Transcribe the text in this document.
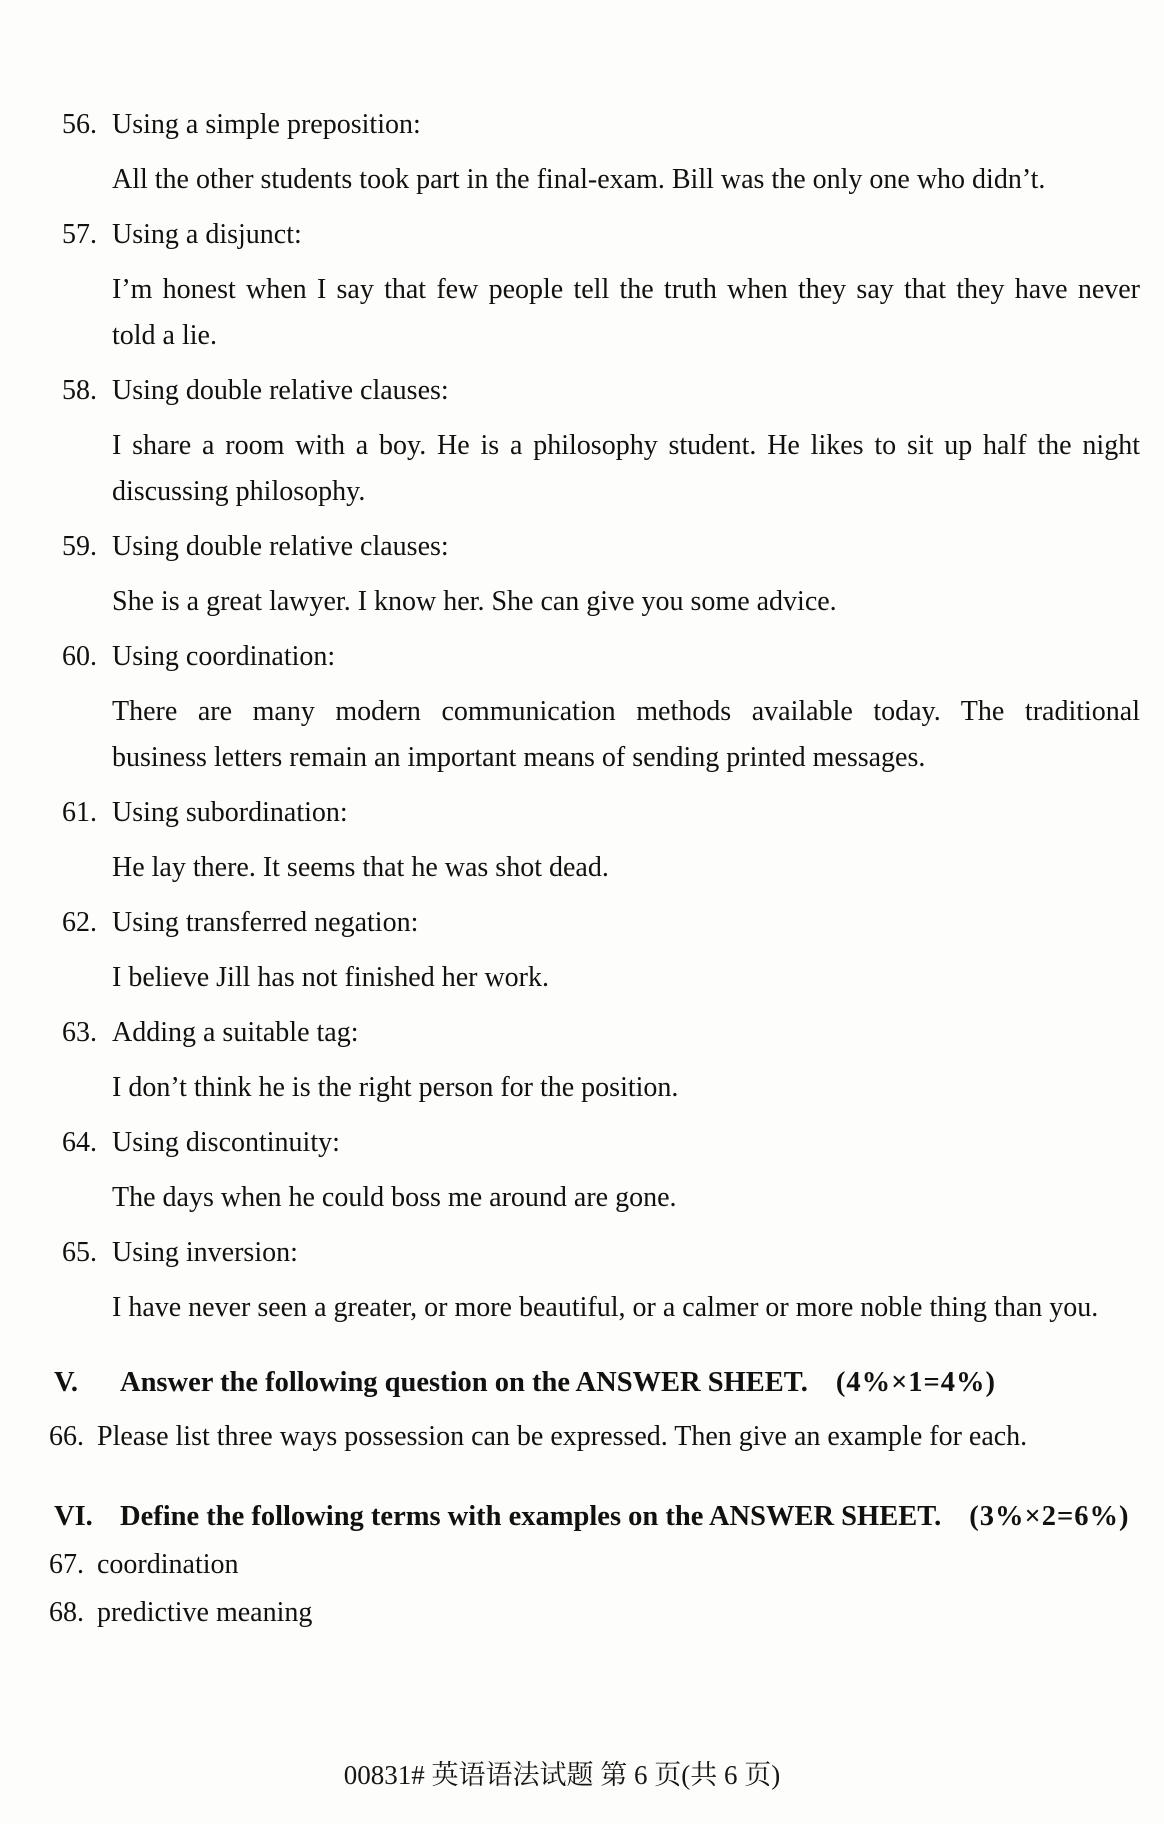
56. Using a simple preposition:
All the other students took part in the final-exam. Bill was the only one who didn’t.
57. Using a disjunct:
I’m honest when I say that few people tell the truth when they say that they have never
told a lie.
58. Using double relative clauses:
I share a room with a boy. He is a philosophy student. He likes to sit up half the night
discussing philosophy.
59. Using double relative clauses:
She is a great lawyer. I know her. She can give you some advice.
60. Using coordination:
There are many modern communication methods available today. The traditional
business letters remain an important means of sending printed messages.
61. Using subordination:
He lay there. It seems that he was shot dead.
62. Using transferred negation:
I believe Jill has not finished her work.
63. Adding a suitable tag:
I don’t think he is the right person for the position.
64. Using discontinuity:
The days when he could boss me around are gone.
65. Using inversion:
I have never seen a greater, or more beautiful, or a calmer or more noble thing than you.
V.	Answer the following question on the ANSWER SHEET. (4%×1=4%)
66. Please list three ways possession can be expressed. Then give an example for each.
VI. Define the following terms with examples on the ANSWER SHEET. (3%×2=6%)
67. coordination
68. predictive meaning
00831# 英语语法试题 第 6 页(共 6 页)
